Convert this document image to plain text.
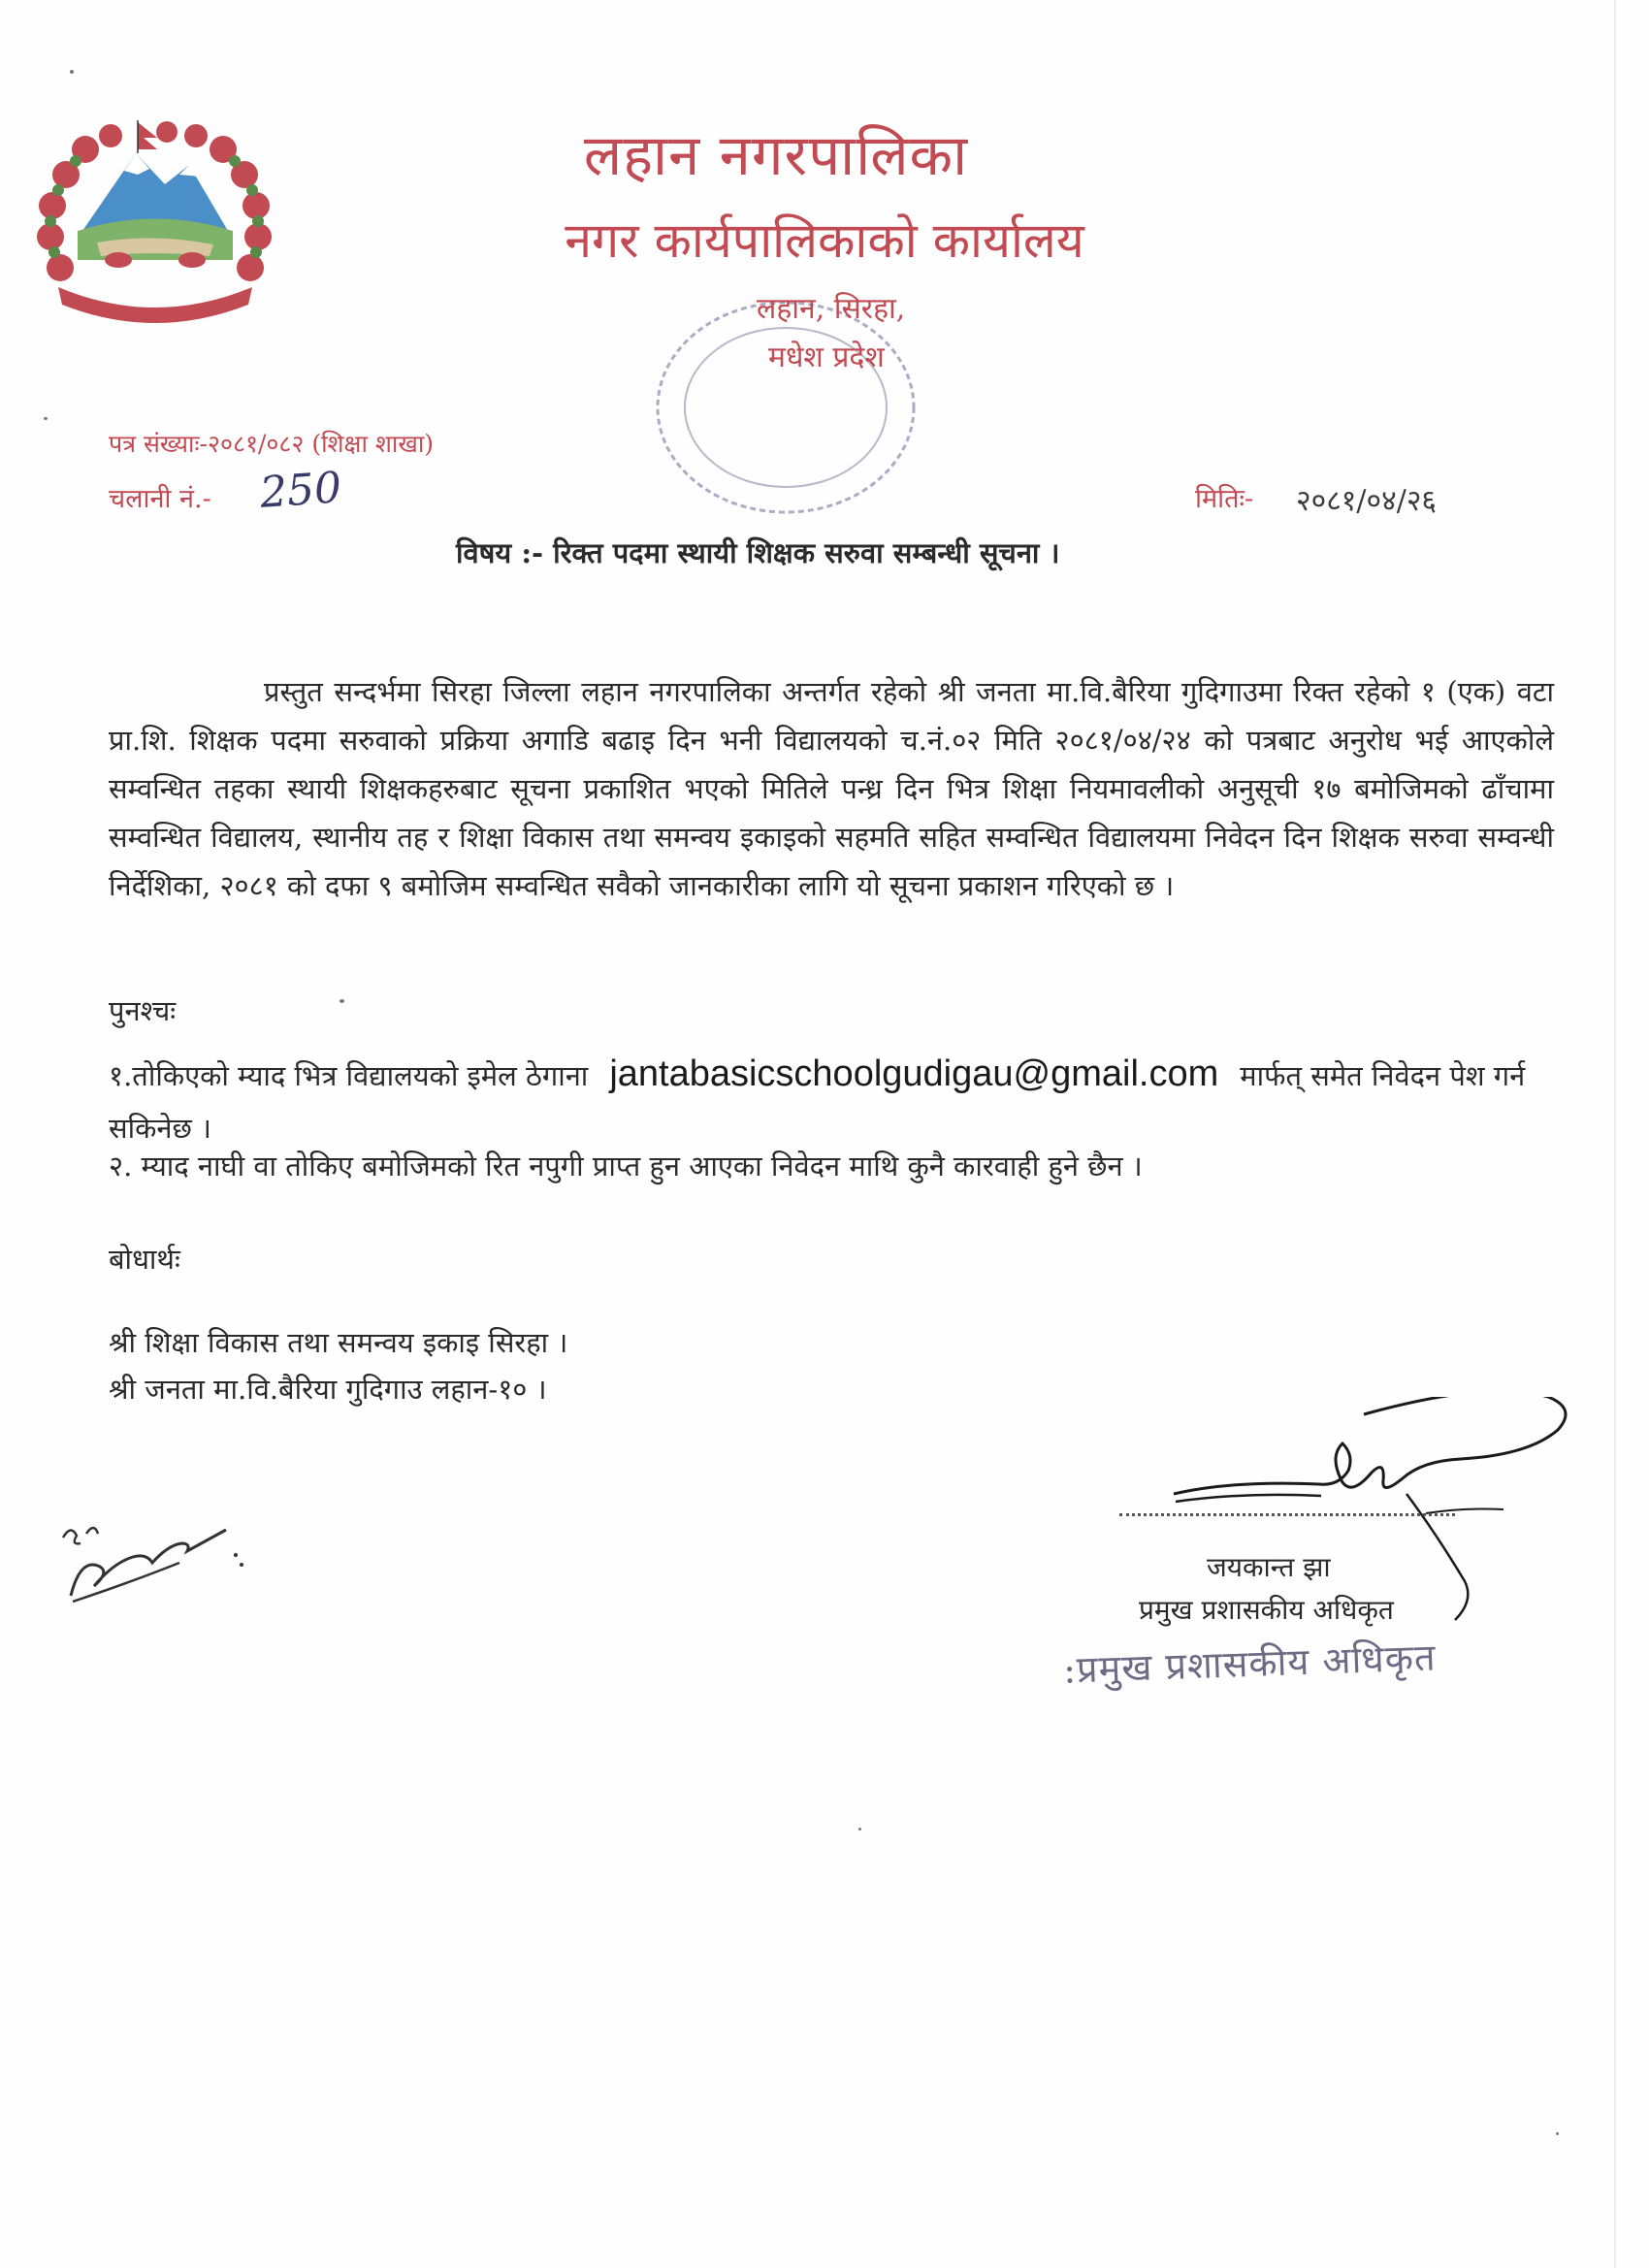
लहान नगरपालिका
नगर कार्यपालिकाको कार्यालय
लहान, सिरहा,
मधेश प्रदेश
पत्र संख्याः-२०८१/०८२ (शिक्षा शाखा)
चलानी नं.- 250	मितिः- २०८१/०४/२६
विषय :- रिक्त पदमा स्थायी शिक्षक सरुवा सम्बन्धी सूचना ।
प्रस्तुत सन्दर्भमा सिरहा जिल्ला लहान नगरपालिका अन्तर्गत रहेको श्री जनता मा.वि.बैरिया गुदिगाउमा रिक्त रहेको १ (एक) वटा प्रा.शि. शिक्षक पदमा सरुवाको प्रक्रिया अगाडि बढाइ दिन भनी विद्यालयको च.नं.०२ मिति २०८१/०४/२४ को पत्रबाट अनुरोध भई आएकोले सम्वन्धित तहका स्थायी शिक्षकहरुबाट सूचना प्रकाशित भएको मितिले पन्ध्र दिन भित्र शिक्षा नियमावलीको अनुसूची १७ बमोजिमको ढाँचामा सम्वन्धित विद्यालय, स्थानीय तह र शिक्षा विकास तथा समन्वय इकाइको सहमति सहित सम्वन्धित विद्यालयमा निवेदन दिन शिक्षक सरुवा सम्वन्धी निर्देशिका, २०८१ को दफा ९ बमोजिम सम्वन्धित सवैको जानकारीका लागि यो सूचना प्रकाशन गरिएको छ ।
पुनश्चः
१.तोकिएको म्याद भित्र विद्यालयको इमेल ठेगाना jantabasicschoolgudigau@gmail.com मार्फत् समेत निवेदन पेश गर्न सकिनेछ ।
२. म्याद नाघी वा तोकिए बमोजिमको रित नपुगी प्राप्त हुन आएका निवेदन माथि कुनै कारवाही हुने छैन ।
बोधार्थः
श्री शिक्षा विकास तथा समन्वय इकाइ सिरहा ।
श्री जनता मा.वि.बैरिया गुदिगाउ लहान-१० ।
जयकान्त झा
प्रमुख प्रशासकीय अधिकृत
:प्रमुख प्रशासकीय अधिकृत
